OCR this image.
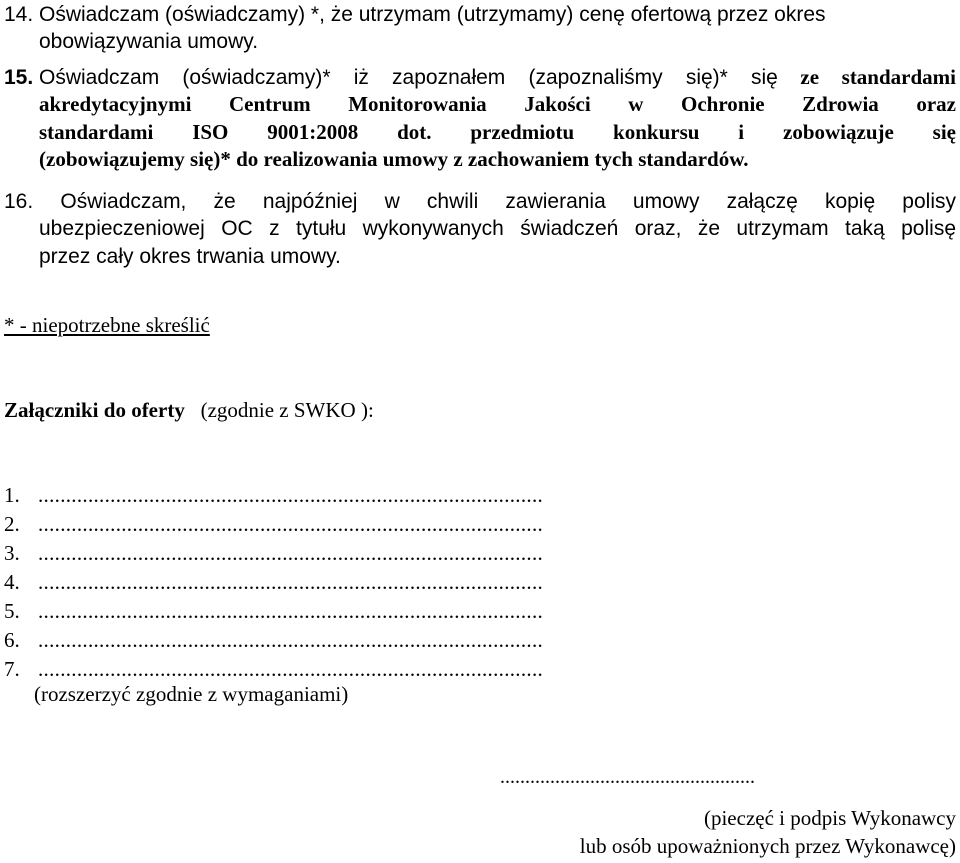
14. Oświadczam (oświadczamy) *, że utrzymam (utrzymamy) cenę ofertową przez okres
obowiązywania umowy.
15. Oświadczam (oświadczamy)* iż zapoznałem (zapoznaliśmy się)* się ze standardami
akredytacyjnymi Centrum Monitorowania Jakości w Ochronie Zdrowia oraz
standardami ISO 9001:2008 dot. przedmiotu konkursu i zobowiązuje się
(zobowiązujemy się)* do realizowania umowy z zachowaniem tych standardów.
16. Oświadczam, że najpóźniej w chwili zawierania umowy załączę kopię polisy
ubezpieczeniowej OC z tytułu wykonywanych świadczeń oraz, że utrzymam taką polisę
przez cały okres trwania umowy.
* - niepotrzebne skreślić
Załączniki do oferty (zgodnie z SWKO ):
1. ...........................................................................................
2. ...........................................................................................
3. ...........................................................................................
4. ...........................................................................................
5. ...........................................................................................
6. ...........................................................................................
7. ...........................................................................................
(rozszerzyć zgodnie z wymaganiami)
...................................................
(pieczęć i podpis Wykonawcy
lub osób upoważnionych przez Wykonawcę)
